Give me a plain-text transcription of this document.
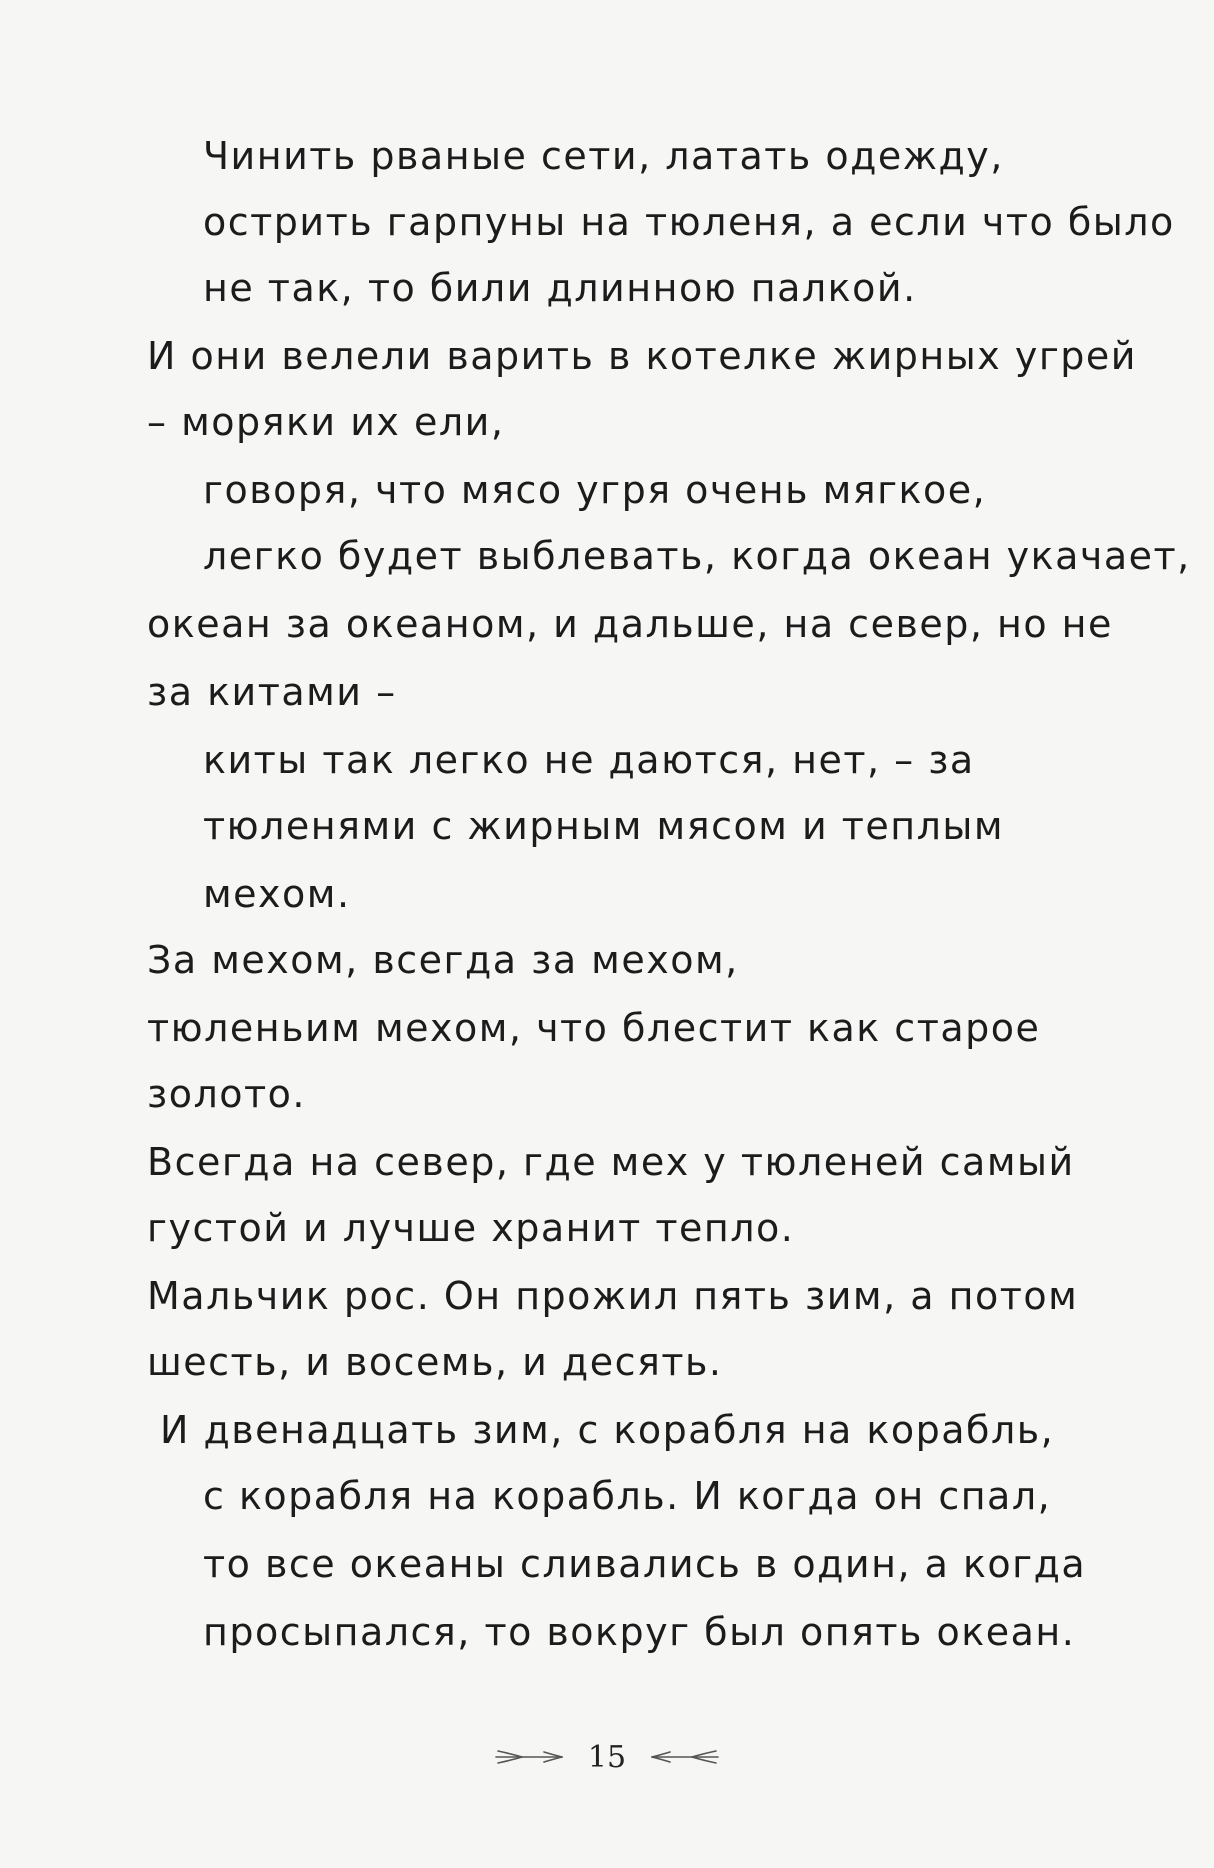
Чинить рваные сети, латать одежду,
острить гарпуны на тюленя, а если что было
не так, то били длинною палкой.
И они велели варить в котелке жирных угрей
– моряки их ели,
говоря, что мясо угря очень мягкое,
легко будет выблевать, когда океан укачает,
океан за океаном, и дальше, на север, но не
за китами –
киты так легко не даются, нет, – за
тюленями с жирным мясом и теплым
мехом.
За мехом, всегда за мехом,
тюленьим мехом, что блестит как старое
золото.
Всегда на север, где мех у тюленей самый
густой и лучше хранит тепло.
Мальчик рос. Он прожил пять зим, а потом
шесть, и восемь, и десять.
И двенадцать зим, с корабля на корабль,
с корабля на корабль. И когда он спал,
то все океаны сливались в один, а когда
просыпался, то вокруг был опять океан.
15
